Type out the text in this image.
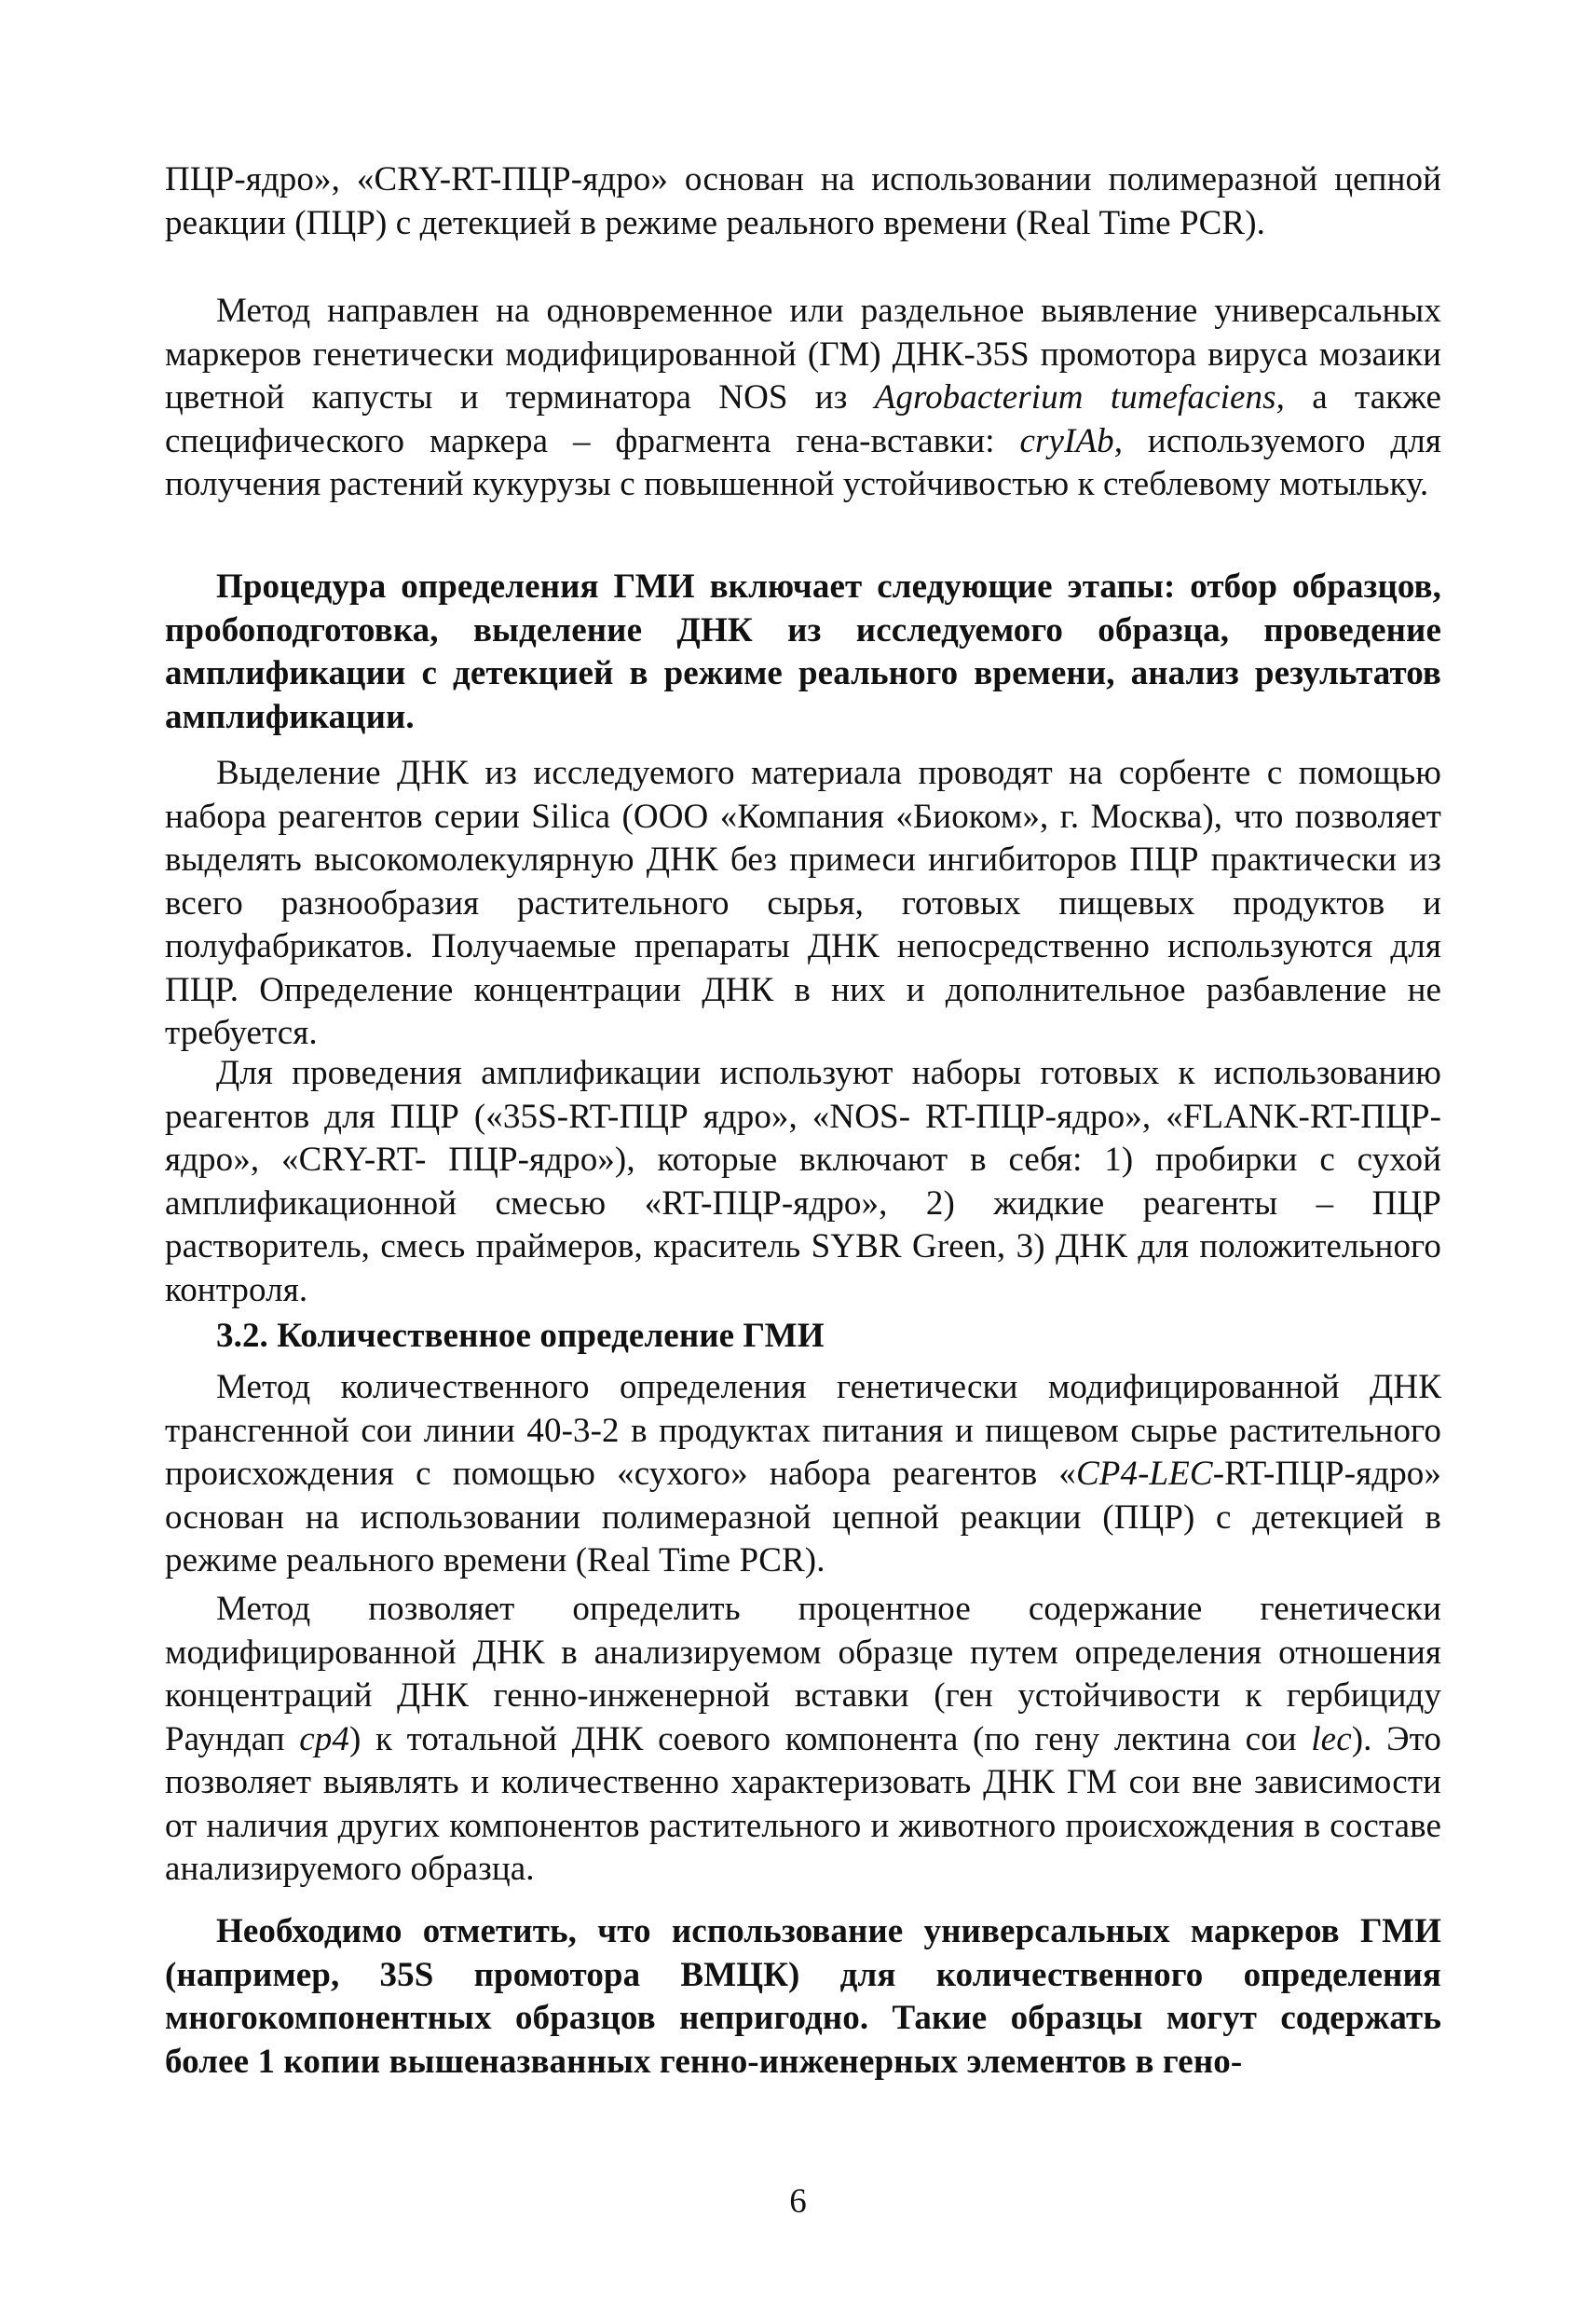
ПЦР-ядро», «CRY-RT-ПЦР-ядро» основан на использовании полимеразной цепной реакции (ПЦР) с детекцией в режиме реального времени (Real Time PCR).

Метод направлен на одновременное или раздельное выявление универсальных маркеров генетически модифицированной (ГМ) ДНК-35S промотора вируса мозаики цветной капусты и терминатора NOS из Agrobacterium tumefaciens, а также специфического маркера – фрагмента гена-вставки: cryIAb, используемого для получения растений кукурузы с повышенной устойчивостью к стеблевому мотыльку.

Процедура определения ГМИ включает следующие этапы: отбор образцов, пробоподготовка, выделение ДНК из исследуемого образца, проведение амплификации с детекцией в режиме реального времени, анализ результатов амплификации.

Выделение ДНК из исследуемого материала проводят на сорбенте с помощью набора реагентов серии Silica (ООО «Компания «Биоком», г. Москва), что позволяет выделять высокомолекулярную ДНК без примеси ингибиторов ПЦР практически из всего разнообразия растительного сырья, готовых пищевых продуктов и полуфабрикатов. Получаемые препараты ДНК непосредственно используются для ПЦР. Определение концентрации ДНК в них и дополнительное разбавление не требуется.

Для проведения амплификации используют наборы готовых к использованию реагентов для ПЦР («35S-RT-ПЦР ядро», «NOS- RT-ПЦР-ядро», «FLANK-RT-ПЦР-ядро», «CRY-RT- ПЦР-ядро»), которые включают в себя: 1) пробирки с сухой амплификационной смесью «RT-ПЦР-ядро», 2) жидкие реагенты – ПЦР растворитель, смесь праймеров, краситель SYBR Green, 3) ДНК для положительного контроля.

3.2. Количественное определение ГМИ

Метод количественного определения генетически модифицированной ДНК трансгенной сои линии 40-3-2 в продуктах питания и пищевом сырье растительного происхождения с помощью «сухого» набора реагентов «CP4-LEC-RT-ПЦР-ядро» основан на использовании полимеразной цепной реакции (ПЦР) с детекцией в режиме реального времени (Real Time PCR).

Метод позволяет определить процентное содержание генетически модифицированной ДНК в анализируемом образце путем определения отношения концентраций ДНК генно-инженерной вставки (ген устойчивости к гербициду Раундап cp4) к тотальной ДНК соевого компонента (по гену лектина сои lec). Это позволяет выявлять и количественно характеризовать ДНК ГМ сои вне зависимости от наличия других компонентов растительного и животного происхождения в составе анализируемого образца.

Необходимо отметить, что использование универсальных маркеров ГМИ (например, 35S промотора ВМЦК) для количественного определения многокомпонентных образцов непригодно. Такие образцы могут содержать более 1 копии вышеназванных генно-инженерных элементов в гено-

6
